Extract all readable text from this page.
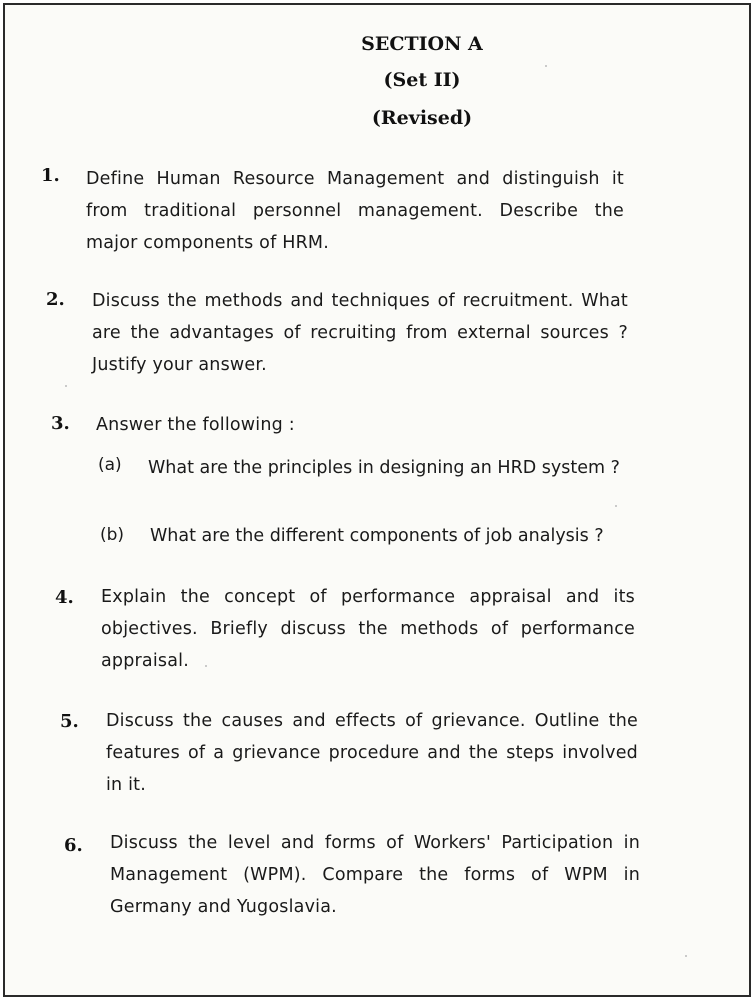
SECTION A
(Set II)
(Revised)
1. Define Human Resource Management and distinguish it from traditional personnel management. Describe the major components of HRM.
2. Discuss the methods and techniques of recruitment. What are the advantages of recruiting from external sources ? Justify your answer.
3. Answer the following :
(a) What are the principles in designing an HRD system ?
(b) What are the different components of job analysis ?
4. Explain the concept of performance appraisal and its objectives. Briefly discuss the methods of performance appraisal.
5. Discuss the causes and effects of grievance. Outline the features of a grievance procedure and the steps involved in it.
6. Discuss the level and forms of Workers' Participation in Management (WPM). Compare the forms of WPM in Germany and Yugoslavia.
